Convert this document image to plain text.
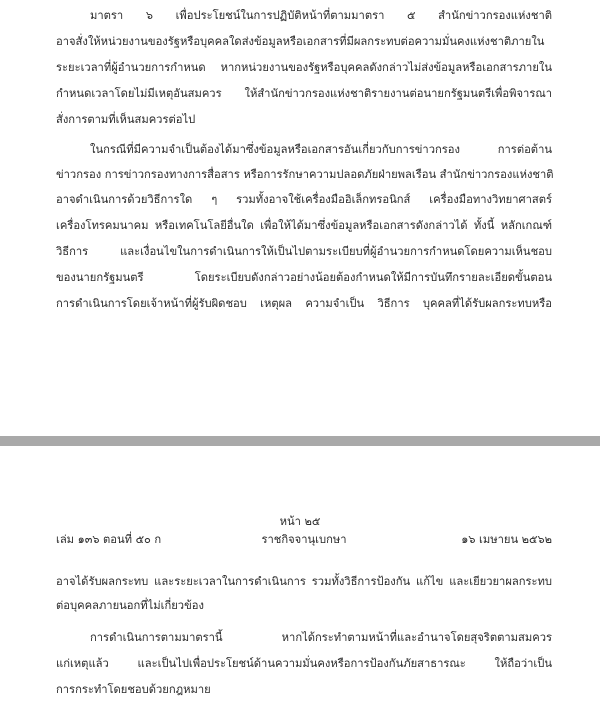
มาตรา ๖ เพื่อประโยชน์ในการปฏิบัติหน้าที่ตามมาตรา ๕ สำนักข่าวกรองแห่งชาติ
อาจสั่งให้หน่วยงานของรัฐหรือบุคคลใดส่งข้อมูลหรือเอกสารที่มีผลกระทบต่อความมั่นคงแห่งชาติภายใน
ระยะเวลาที่ผู้อำนวยการกำหนด หากหน่วยงานของรัฐหรือบุคคลดังกล่าวไม่ส่งข้อมูลหรือเอกสารภายใน
กำหนดเวลาโดยไม่มีเหตุอันสมควร ให้สำนักข่าวกรองแห่งชาติรายงานต่อนายกรัฐมนตรีเพื่อพิจารณา
สั่งการตามที่เห็นสมควรต่อไป
ในกรณีที่มีความจำเป็นต้องได้มาซึ่งข้อมูลหรือเอกสารอันเกี่ยวกับการข่าวกรอง การต่อต้าน
ข่าวกรอง การข่าวกรองทางการสื่อสาร หรือการรักษาความปลอดภัยฝ่ายพลเรือน สำนักข่าวกรองแห่งชาติ
อาจดำเนินการด้วยวิธีการใด ๆ รวมทั้งอาจใช้เครื่องมืออิเล็กทรอนิกส์ เครื่องมือทางวิทยาศาสตร์
เครื่องโทรคมนาคม หรือเทคโนโลยีอื่นใด เพื่อให้ได้มาซึ่งข้อมูลหรือเอกสารดังกล่าวได้ ทั้งนี้ หลักเกณฑ์
วิธีการ และเงื่อนไขในการดำเนินการให้เป็นไปตามระเบียบที่ผู้อำนวยการกำหนดโดยความเห็นชอบ
ของนายกรัฐมนตรี โดยระเบียบดังกล่าวอย่างน้อยต้องกำหนดให้มีการบันทึกรายละเอียดขั้นตอน
การดำเนินการโดยเจ้าหน้าที่ผู้รับผิดชอบ เหตุผล ความจำเป็น วิธีการ บุคคลที่ได้รับผลกระทบหรือ
หน้า ๒๕
เล่ม ๑๓๖ ตอนที่ ๕๐ ก	ราชกิจจานุเบกษา	๑๖ เมษายน ๒๕๖๒
อาจได้รับผลกระทบ และระยะเวลาในการดำเนินการ รวมทั้งวิธีการป้องกัน แก้ไข และเยียวยาผลกระทบ
ต่อบุคคลภายนอกที่ไม่เกี่ยวข้อง
การดำเนินการตามมาตรานี้ หากได้กระทำตามหน้าที่และอำนาจโดยสุจริตตามสมควร
แก่เหตุแล้ว และเป็นไปเพื่อประโยชน์ด้านความมั่นคงหรือการป้องกันภัยสาธารณะ ให้ถือว่าเป็น
การกระทำโดยชอบด้วยกฎหมาย
